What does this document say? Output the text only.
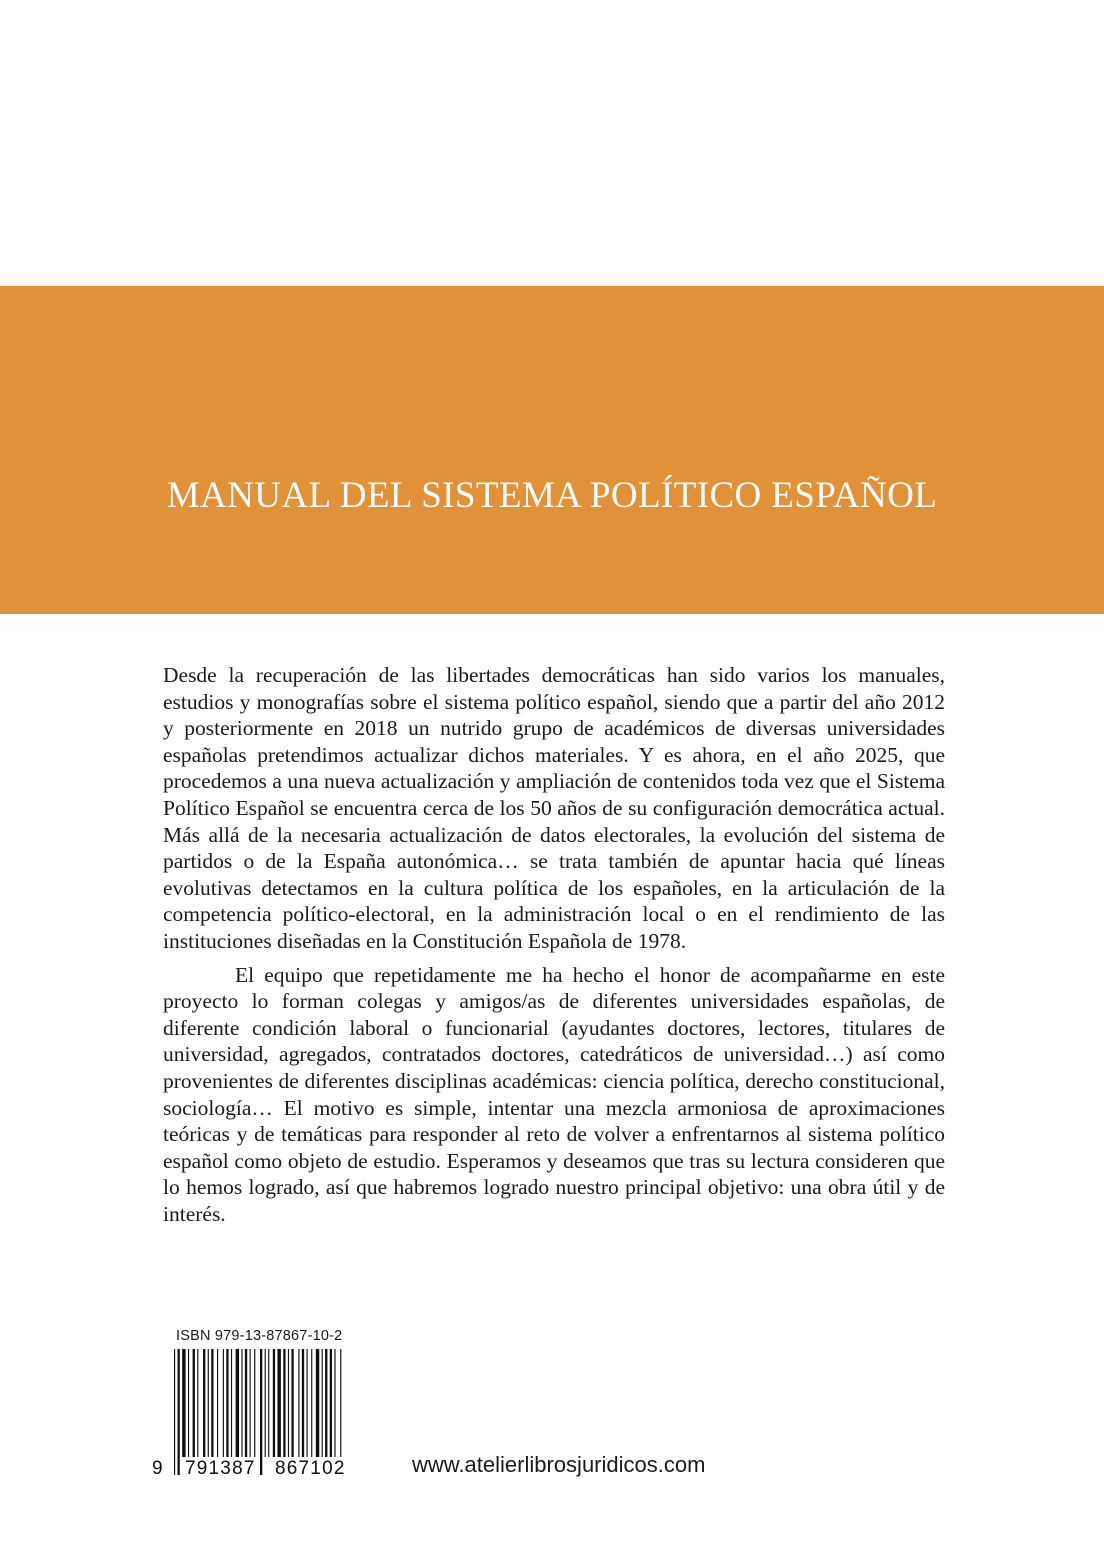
MANUAL DEL SISTEMA POLÍTICO ESPAÑOL

Desde la recuperación de las libertades democráticas han sido varios los manuales, estudios y monografías sobre el sistema político español, siendo que a partir del año 2012 y posteriormente en 2018 un nutrido grupo de académicos de diversas universidades españolas pretendimos actualizar dichos materiales. Y es ahora, en el año 2025, que procedemos a una nueva actualización y ampliación de contenidos toda vez que el Sistema Político Español se encuentra cerca de los 50 años de su configuración democrática actual. Más allá de la necesaria actualización de datos electorales, la evolución del sistema de partidos o de la España autonómica… se trata también de apuntar hacia qué líneas evolutivas detectamos en la cultura política de los españoles, en la articulación de la competencia político-​electoral, en la administración local o en el rendimiento de las instituciones diseñadas en la Constitución Española de 1978.

El equipo que repetidamente me ha hecho el honor de acompañarme en este proyecto lo forman colegas y amigos/as de diferentes universidades españolas, de diferente condición laboral o funcionarial (ayudantes doctores, lectores, titulares de universidad, agregados, contratados doctores, catedráticos de universidad…) así como provenientes de diferentes disciplinas académicas: ciencia política, derecho constitucional, sociología… El motivo es simple, intentar una mezcla armoniosa de aproximaciones teóricas y de temáticas para responder al reto de volver a enfrentarnos al sistema político español como objeto de estudio. Esperamos y deseamos que tras su lectura consideren que lo hemos logrado, así que habremos logrado nuestro principal objetivo: una obra útil y de interés.

ISBN 979-13-87867-10-2
9 791387 867102	www.atelierlibrosjuridicos.com
